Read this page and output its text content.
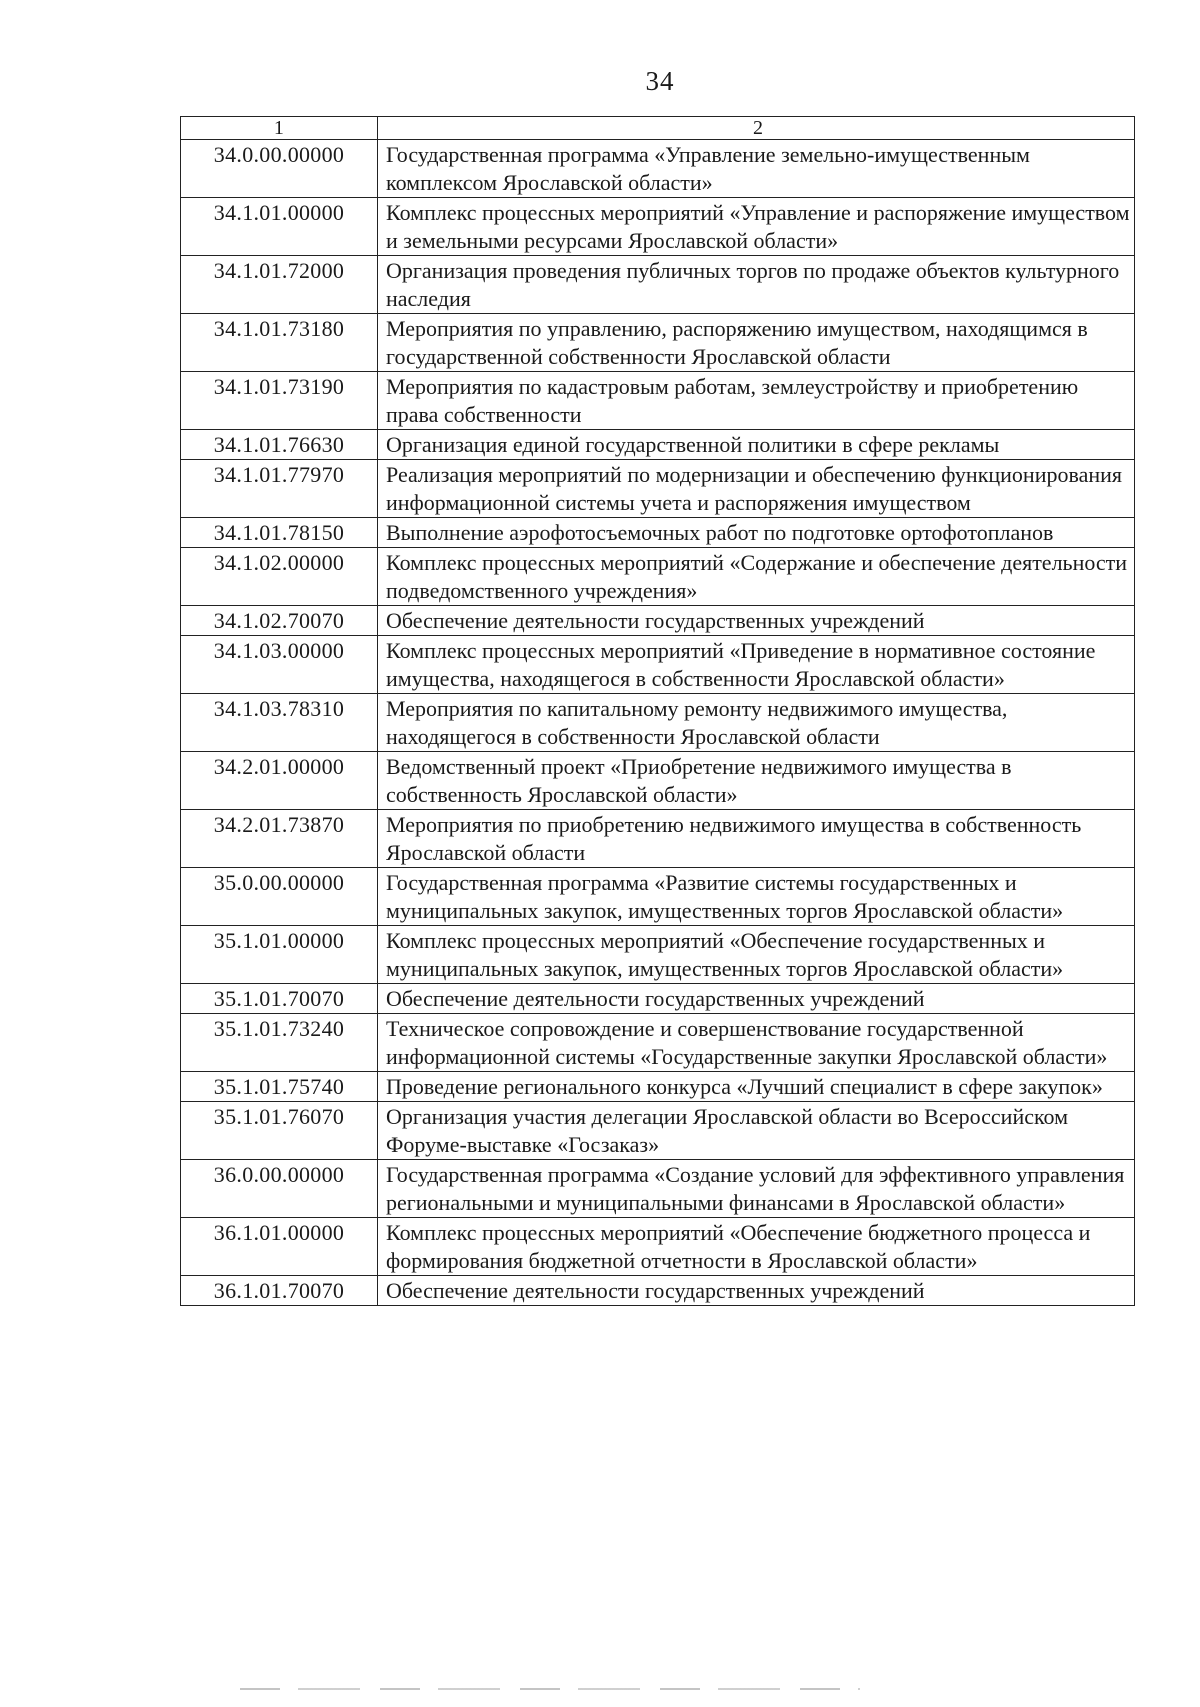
34
1	2
34.0.00.00000	Государственная программа «Управление земельно-имущественным комплексом Ярославской области»
34.1.01.00000	Комплекс процессных мероприятий «Управление и распоряжение имуществом и земельными ресурсами Ярославской области»
34.1.01.72000	Организация проведения публичных торгов по продаже объектов культурного наследия
34.1.01.73180	Мероприятия по управлению, распоряжению имуществом, находящимся в государственной собственности Ярославской области
34.1.01.73190	Мероприятия по кадастровым работам, землеустройству и приобретению права собственности
34.1.01.76630	Организация единой государственной политики в сфере рекламы
34.1.01.77970	Реализация мероприятий по модернизации и обеспечению функционирования информационной системы учета и распоряжения имуществом
34.1.01.78150	Выполнение аэрофотосъемочных работ по подготовке ортофотопланов
34.1.02.00000	Комплекс процессных мероприятий «Содержание и обеспечение деятельности подведомственного учреждения»
34.1.02.70070	Обеспечение деятельности государственных учреждений
34.1.03.00000	Комплекс процессных мероприятий «Приведение в нормативное состояние имущества, находящегося в собственности Ярославской области»
34.1.03.78310	Мероприятия по капитальному ремонту недвижимого имущества, находящегося в собственности Ярославской области
34.2.01.00000	Ведомственный проект «Приобретение недвижимого имущества в собственность Ярославской области»
34.2.01.73870	Мероприятия по приобретению недвижимого имущества в собственность Ярославской области
35.0.00.00000	Государственная программа «Развитие системы государственных и муниципальных закупок, имущественных торгов Ярославской области»
35.1.01.00000	Комплекс процессных мероприятий «Обеспечение государственных и муниципальных закупок, имущественных торгов Ярославской области»
35.1.01.70070	Обеспечение деятельности государственных учреждений
35.1.01.73240	Техническое сопровождение и совершенствование государственной информационной системы «Государственные закупки Ярославской области»
35.1.01.75740	Проведение регионального конкурса «Лучший специалист в сфере закупок»
35.1.01.76070	Организация участия делегации Ярославской области во Всероссийском Форуме-выставке «Госзаказ»
36.0.00.00000	Государственная программа «Создание условий для эффективного управления региональными и муниципальными финансами в Ярославской области»
36.1.01.00000	Комплекс процессных мероприятий «Обеспечение бюджетного процесса и формирования бюджетной отчетности в Ярославской области»
36.1.01.70070	Обеспечение деятельности государственных учреждений
